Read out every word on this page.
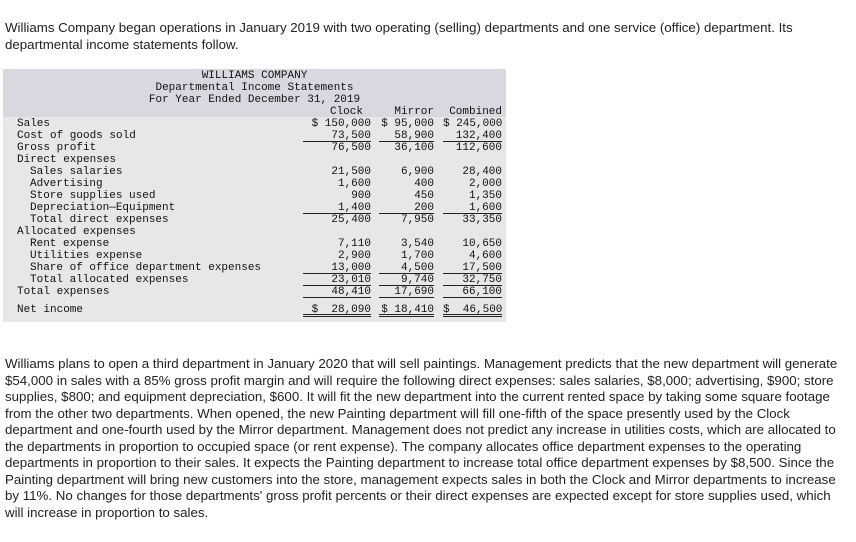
Williams Company began operations in January 2019 with two operating (selling) departments and one service (office) department. Its departmental income statements follow.

WILLIAMS COMPANY
Departmental Income Statements
For Year Ended December 31, 2019
Clock	Mirror	Combined
Sales	$ 150,000 $ 95,000 $ 245,000
Cost of goods sold	73,500	58,900	132,400
Gross profit	76,500	36,100	112,600
Direct expenses
Sales salaries	21,500	6,900	28,400
Advertising	1,600	400	2,000
Store supplies used	900	450	1,350
Depreciation—Equipment	1,400	200	1,600
Total direct expenses	25,400	7,950	33,350
Allocated expenses
Rent expense	7,110	3,540	10,650
Utilities expense	2,900	1,700	4,600
Share of office department expenses	13,000	4,500	17,500
Total allocated expenses	23,010	9,740	32,750
Total expenses	48,410	17,690	66,100
Net income	$  28,090 $ 18,410 $  46,500

Williams plans to open a third department in January 2020 that will sell paintings. Management predicts that the new department will generate $54,000 in sales with a 85% gross profit margin and will require the following direct expenses: sales salaries, $8,000; advertising, $900; store supplies, $800; and equipment depreciation, $600. It will fit the new department into the current rented space by taking some square footage from the other two departments. When opened, the new Painting department will fill one-fifth of the space presently used by the Clock department and one-fourth used by the Mirror department. Management does not predict any increase in utilities costs, which are allocated to the departments in proportion to occupied space (or rent expense). The company allocates office department expenses to the operating departments in proportion to their sales. It expects the Painting department to increase total office department expenses by $8,500. Since the Painting department will bring new customers into the store, management expects sales in both the Clock and Mirror departments to increase by 11%. No changes for those departments' gross profit percents or their direct expenses are expected except for store supplies used, which will increase in proportion to sales.
